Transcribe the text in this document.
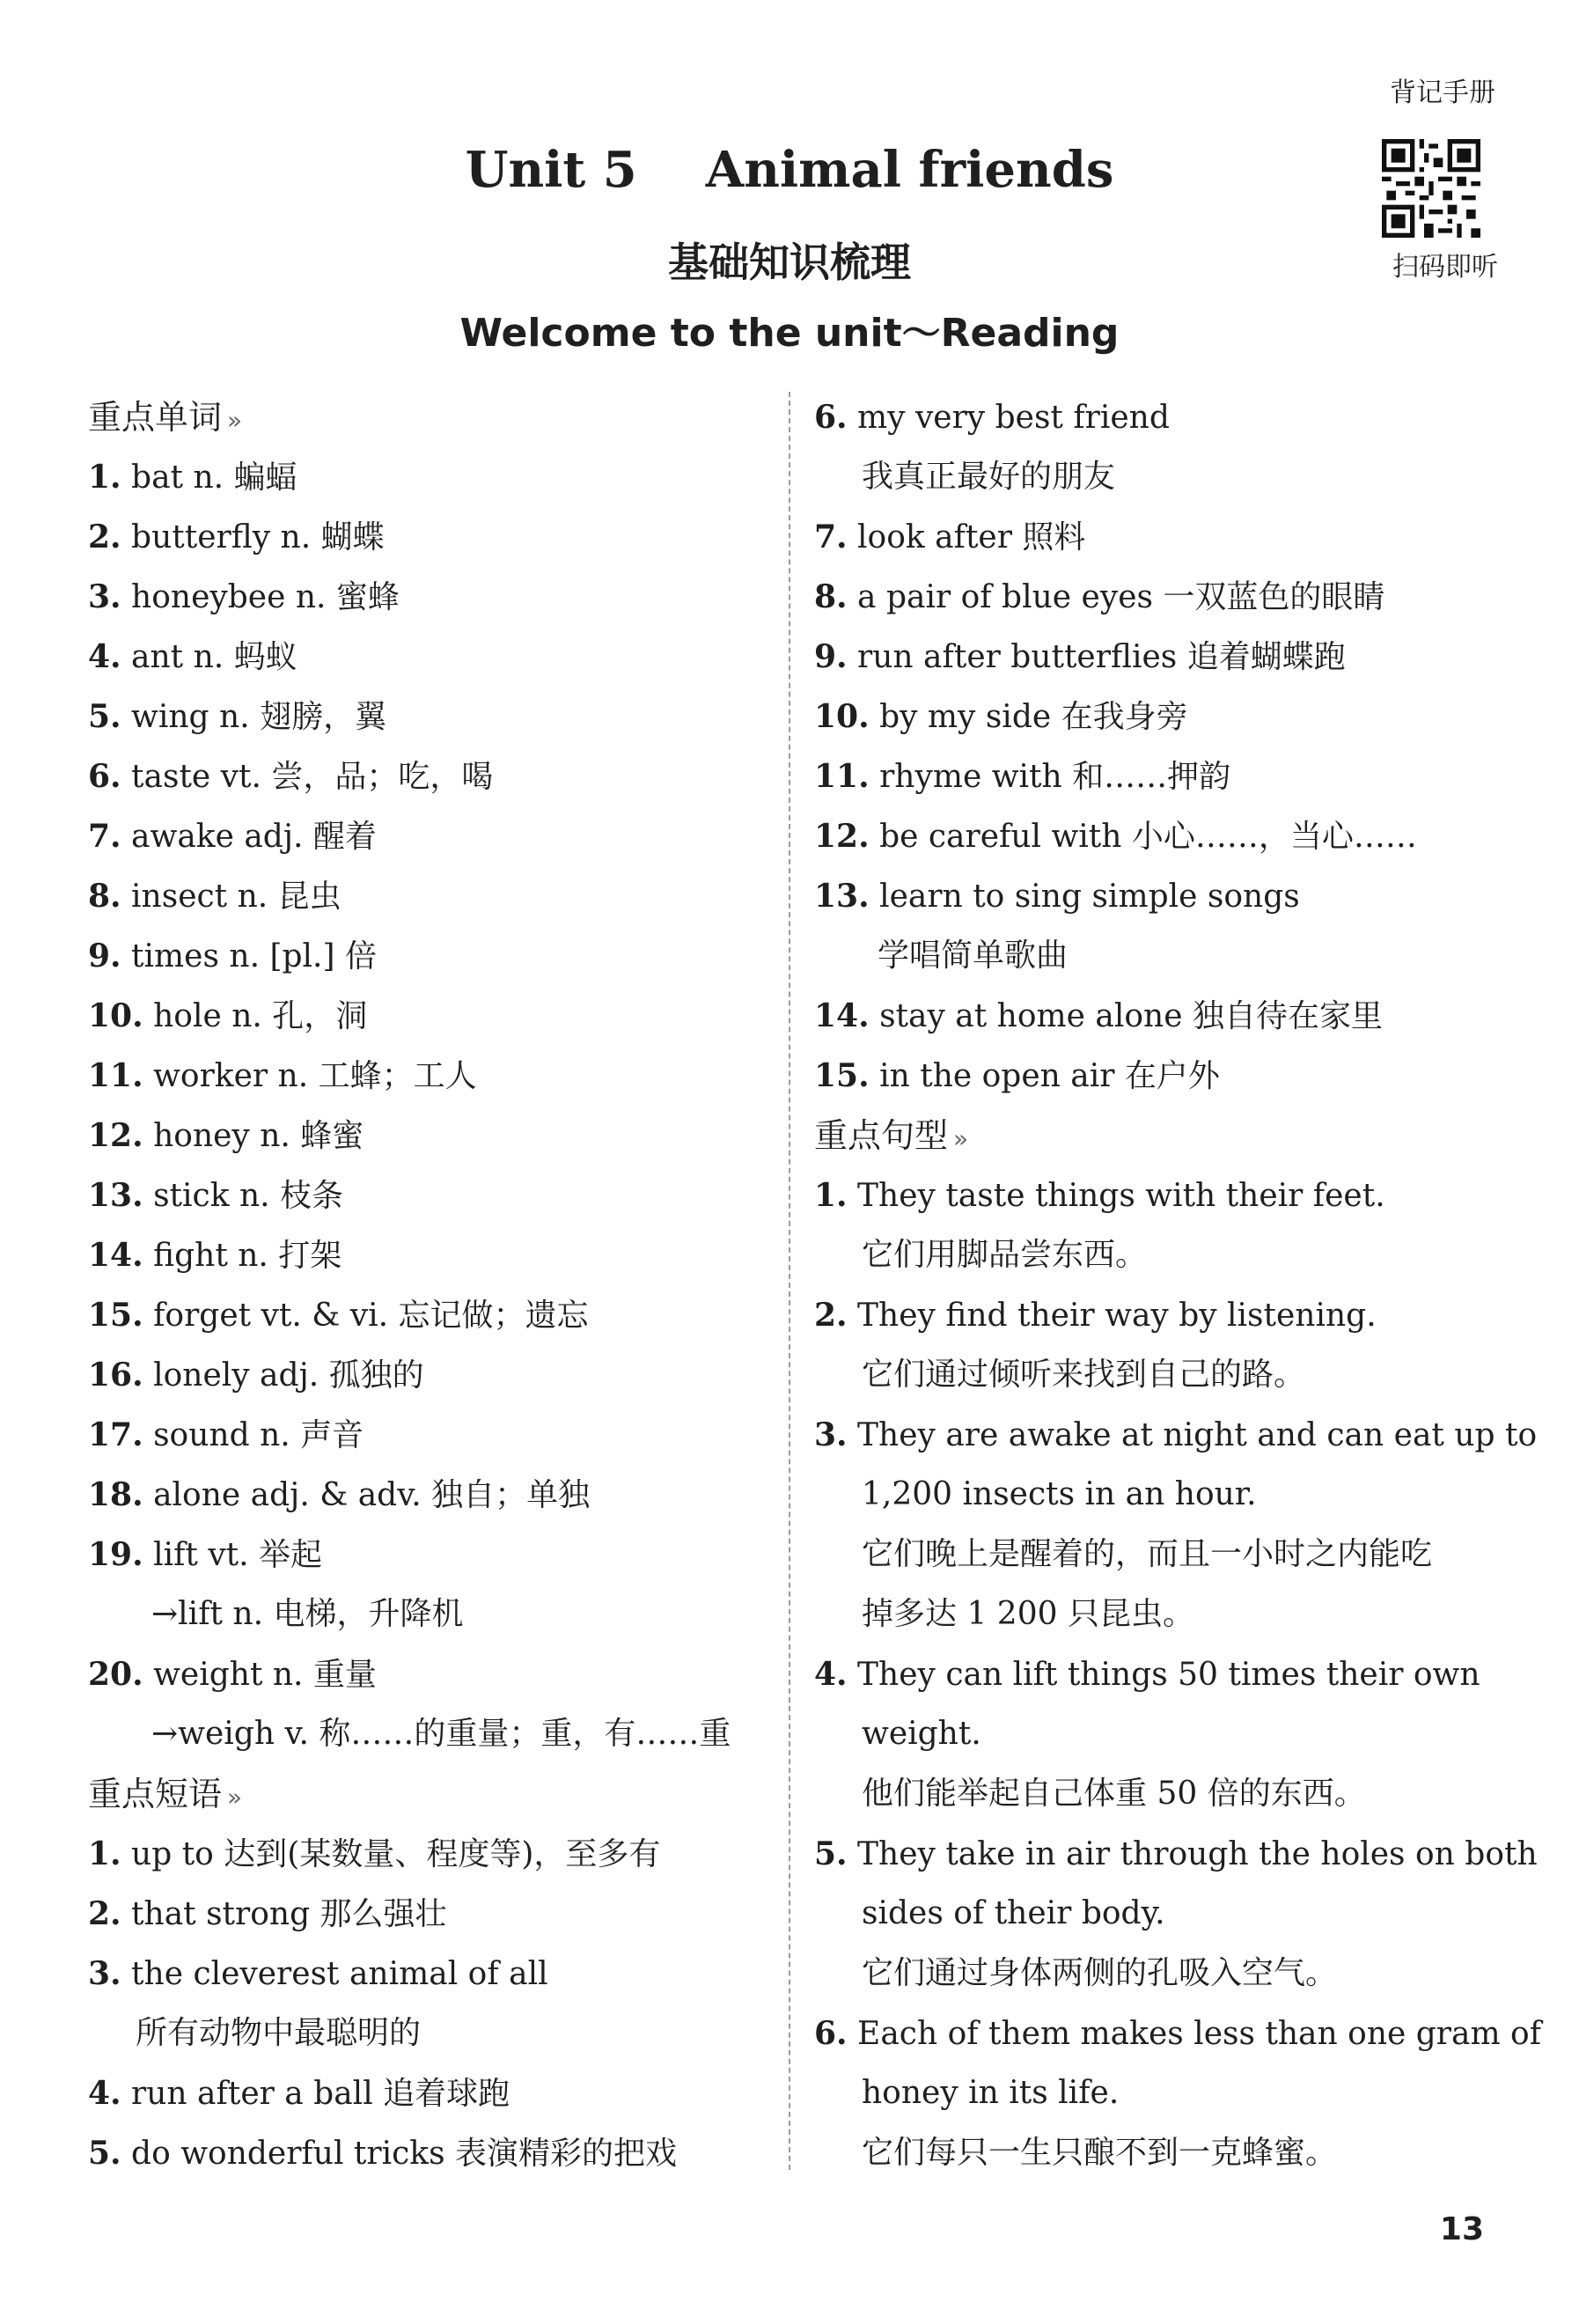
背记手册
扫码即听
Unit 5    Animal friends
基础知识梳理
Welcome to the unit～Reading
重点单词 »
1. bat n. 蝙蝠
2. butterfly n. 蝴蝶
3. honeybee n. 蜜蜂
4. ant n. 蚂蚁
5. wing n. 翅膀，翼
6. taste vt. 尝，品；吃，喝
7. awake adj. 醒着
8. insect n. 昆虫
9. times n. [pl.] 倍
10. hole n. 孔，洞
11. worker n. 工蜂；工人
12. honey n. 蜂蜜
13. stick n. 枝条
14. fight n. 打架
15. forget vt. & vi. 忘记做；遗忘
16. lonely adj. 孤独的
17. sound n. 声音
18. alone adj. & adv. 独自；单独
19. lift vt. 举起
→lift n. 电梯，升降机
20. weight n. 重量
→weigh v. 称……的重量；重，有……重
重点短语 »
1. up to 达到(某数量、程度等)，至多有
2. that strong 那么强壮
3. the cleverest animal of all
所有动物中最聪明的
4. run after a ball 追着球跑
5. do wonderful tricks 表演精彩的把戏
6. my very best friend
我真正最好的朋友
7. look after 照料
8. a pair of blue eyes 一双蓝色的眼睛
9. run after butterflies 追着蝴蝶跑
10. by my side 在我身旁
11. rhyme with 和……押韵
12. be careful with 小心……，当心……
13. learn to sing simple songs
学唱简单歌曲
14. stay at home alone 独自待在家里
15. in the open air 在户外
重点句型 »
1. They taste things with their feet.
它们用脚品尝东西。
2. They find their way by listening.
它们通过倾听来找到自己的路。
3. They are awake at night and can eat up to
1,200 insects in an hour.
它们晚上是醒着的，而且一小时之内能吃
掉多达 1 200 只昆虫。
4. They can lift things 50 times their own
weight.
他们能举起自己体重 50 倍的东西。
5. They take in air through the holes on both
sides of their body.
它们通过身体两侧的孔吸入空气。
6. Each of them makes less than one gram of
honey in its life.
它们每只一生只酿不到一克蜂蜜。
13
